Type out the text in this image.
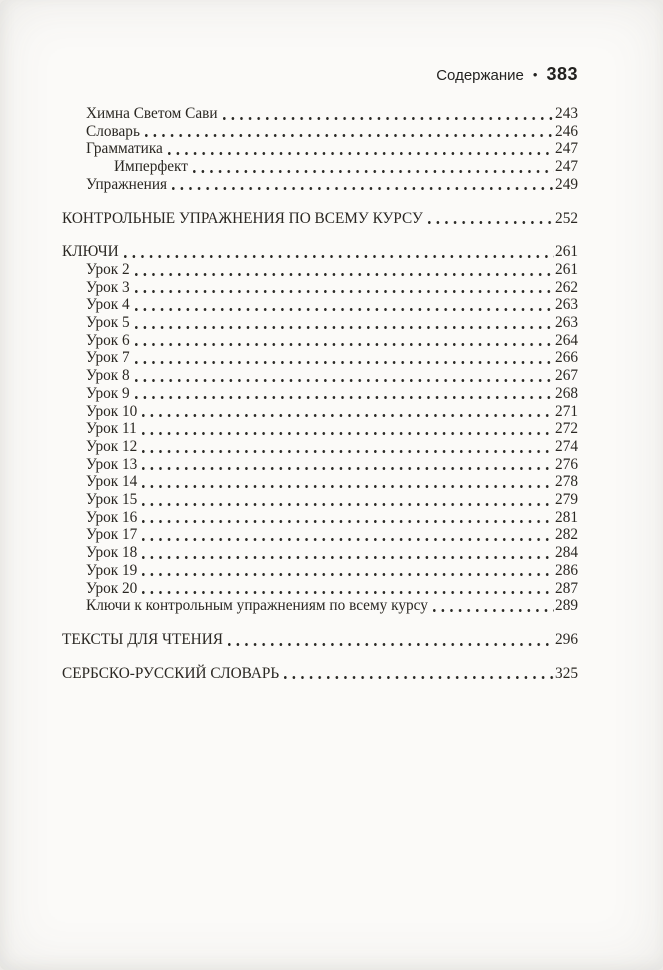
Содержание • 383
Химна Светом Сави	243
Словарь	246
Грамматика	247
Имперфект	247
Упражнения	249
КОНТРОЛЬНЫЕ УПРАЖНЕНИЯ ПО ВСЕМУ КУРСУ	252
КЛЮЧИ	261
Урок 2	261
Урок 3	262
Урок 4	263
Урок 5	263
Урок 6	264
Урок 7	266
Урок 8	267
Урок 9	268
Урок 10	271
Урок 11	272
Урок 12	274
Урок 13	276
Урок 14	278
Урок 15	279
Урок 16	281
Урок 17	282
Урок 18	284
Урок 19	286
Урок 20	287
Ключи к контрольным упражнениям по всему курсу	289
ТЕКСТЫ ДЛЯ ЧТЕНИЯ	296
СЕРБСКО-РУССКИЙ СЛОВАРЬ	325
